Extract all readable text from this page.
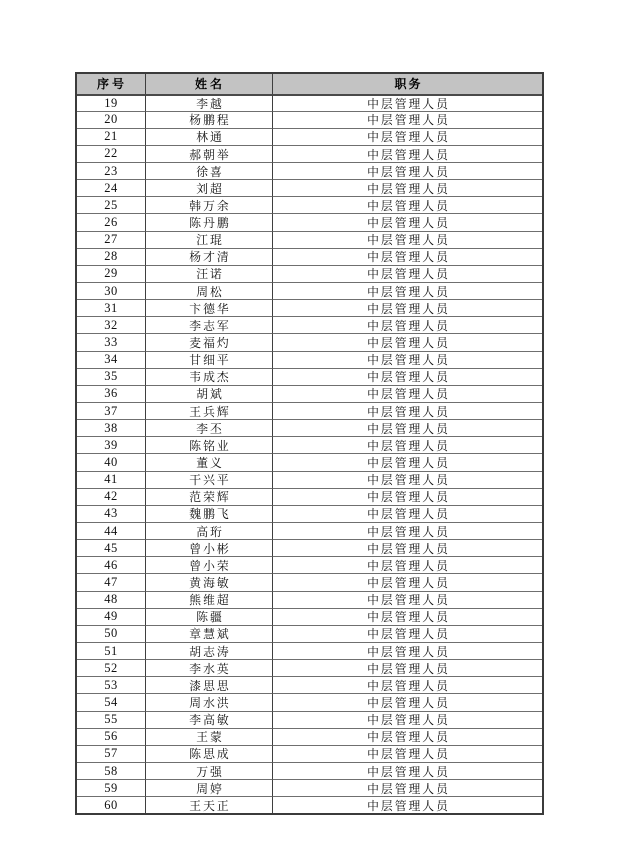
序号	姓名	职务
19	李越	中层管理人员
20	杨鹏程	中层管理人员
21	林通	中层管理人员
22	郝朝举	中层管理人员
23	徐喜	中层管理人员
24	刘超	中层管理人员
25	韩万余	中层管理人员
26	陈丹鹏	中层管理人员
27	江琨	中层管理人员
28	杨才清	中层管理人员
29	汪诺	中层管理人员
30	周松	中层管理人员
31	卞德华	中层管理人员
32	李志军	中层管理人员
33	麦福灼	中层管理人员
34	甘细平	中层管理人员
35	韦成杰	中层管理人员
36	胡斌	中层管理人员
37	王兵辉	中层管理人员
38	李丕	中层管理人员
39	陈铭业	中层管理人员
40	董义	中层管理人员
41	干兴平	中层管理人员
42	范荣辉	中层管理人员
43	魏鹏飞	中层管理人员
44	高珩	中层管理人员
45	曾小彬	中层管理人员
46	曾小荣	中层管理人员
47	黄海敏	中层管理人员
48	熊维超	中层管理人员
49	陈疆	中层管理人员
50	章慧斌	中层管理人员
51	胡志涛	中层管理人员
52	李水英	中层管理人员
53	漆思思	中层管理人员
54	周水洪	中层管理人员
55	李高敏	中层管理人员
56	王蒙	中层管理人员
57	陈思成	中层管理人员
58	万强	中层管理人员
59	周婷	中层管理人员
60	王天正	中层管理人员
